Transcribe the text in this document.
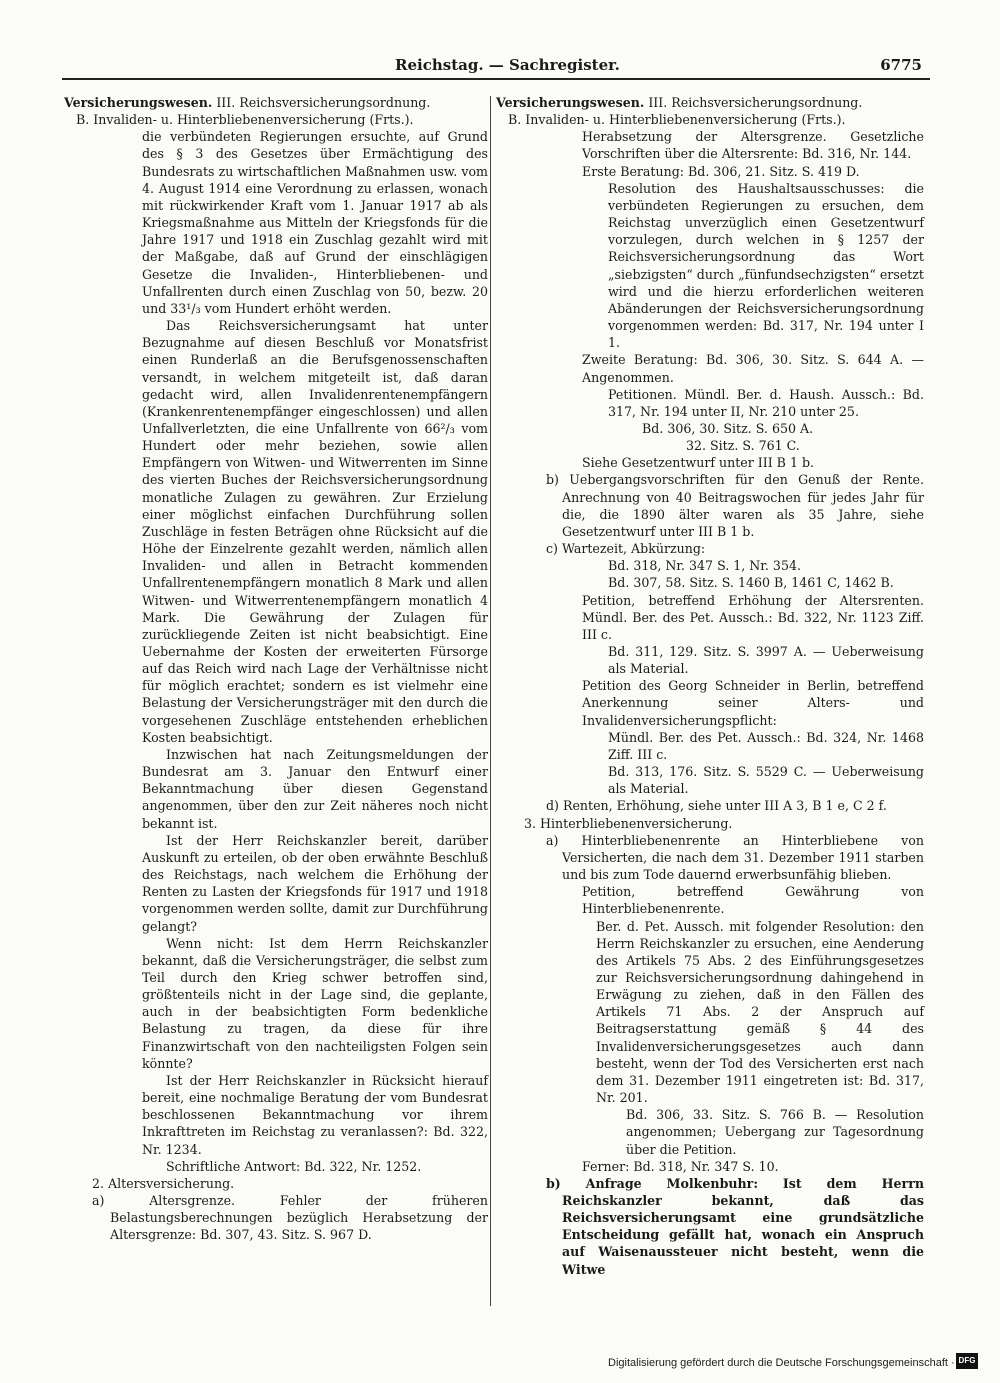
Reichstag. — Sachregister.	6775

Versicherungswesen. III. Reichsversicherungsordnung.

B. Invaliden- u. Hinterbliebenenversicherung (Frts.).

die verbündeten Regierungen ersuchte, auf Grund des § 3 des Gesetzes über Ermächtigung des Bundesrats zu wirtschaftlichen Maßnahmen usw. vom 4. August 1914 eine Verordnung zu erlassen, wonach mit rückwirkender Kraft vom 1. Januar 1917 ab als Kriegsmaßnahme aus Mitteln der Kriegsfonds für die Jahre 1917 und 1918 ein Zuschlag gezahlt wird mit der Maßgabe, daß auf Grund der einschlägigen Gesetze die Invaliden-, Hinterbliebenen- und Unfallrenten durch einen Zuschlag von 50, bezw. 20 und 33¹/₃ vom Hundert erhöht werden.

Das Reichsversicherungsamt hat unter Bezugnahme auf diesen Beschluß vor Monatsfrist einen Runderlaß an die Berufsgenossenschaften versandt, in welchem mitgeteilt ist, daß daran gedacht wird, allen Invalidenrentenempfängern (Krankenrentenempfänger eingeschlossen) und allen Unfallverletzten, die eine Unfallrente von 66²/₃ vom Hundert oder mehr beziehen, sowie allen Empfängern von Witwen- und Witwerrenten im Sinne des vierten Buches der Reichsversicherungsordnung monatliche Zulagen zu gewähren. Zur Erzielung einer möglichst einfachen Durchführung sollen Zuschläge in festen Beträgen ohne Rücksicht auf die Höhe der Einzelrente gezahlt werden, nämlich allen Invaliden- und allen in Betracht kommenden Unfallrentenempfängern monatlich 8 Mark und allen Witwen- und Witwerrentenempfängern monatlich 4 Mark. Die Gewährung der Zulagen für zurückliegende Zeiten ist nicht beabsichtigt. Eine Uebernahme der Kosten der erweiterten Fürsorge auf das Reich wird nach Lage der Verhältnisse nicht für möglich erachtet; sondern es ist vielmehr eine Belastung der Versicherungsträger mit den durch die vorgesehenen Zuschläge entstehenden erheblichen Kosten beabsichtigt.

Inzwischen hat nach Zeitungsmeldungen der Bundesrat am 3. Januar den Entwurf einer Bekanntmachung über diesen Gegenstand angenommen, über den zur Zeit näheres noch nicht bekannt ist.

Ist der Herr Reichskanzler bereit, darüber Auskunft zu erteilen, ob der oben erwähnte Beschluß des Reichstags, nach welchem die Erhöhung der Renten zu Lasten der Kriegsfonds für 1917 und 1918 vorgenommen werden sollte, damit zur Durchführung gelangt?

Wenn nicht: Ist dem Herrn Reichskanzler bekannt, daß die Versicherungsträger, die selbst zum Teil durch den Krieg schwer betroffen sind, größtenteils nicht in der Lage sind, die geplante, auch in der beabsichtigten Form bedenkliche Belastung zu tragen, da diese für ihre Finanzwirtschaft von den nachteiligsten Folgen sein könnte?

Ist der Herr Reichskanzler in Rücksicht hierauf bereit, eine nochmalige Beratung der vom Bundesrat beschlossenen Bekanntmachung vor ihrem Inkrafttreten im Reichstag zu veranlassen?: Bd. 322, Nr. 1234.

Schriftliche Antwort: Bd. 322, Nr. 1252.

2. Altersversicherung.

a) Altersgrenze. Fehler der früheren Belastungsberechnungen bezüglich Herabsetzung der Altersgrenze: Bd. 307, 43. Sitz. S. 967 D.

Versicherungswesen. III. Reichsversicherungsordnung.

B. Invaliden- u. Hinterbliebenenversicherung (Frts.).

Herabsetzung der Altersgrenze. Gesetzliche Vorschriften über die Altersrente: Bd. 316, Nr. 144.

Erste Beratung: Bd. 306, 21. Sitz. S. 419 D.

Resolution des Haushaltsausschusses: die verbündeten Regierungen zu ersuchen, dem Reichstag unverzüglich einen Gesetzentwurf vorzulegen, durch welchen in § 1257 der Reichsversicherungsordnung das Wort „siebzigsten“ durch „fünfundsechzigsten“ ersetzt wird und die hierzu erforderlichen weiteren Abänderungen der Reichsversicherungsordnung vorgenommen werden: Bd. 317, Nr. 194 unter I 1.

Zweite Beratung: Bd. 306, 30. Sitz. S. 644 A. — Angenommen.

Petitionen. Mündl. Ber. d. Haush. Aussch.: Bd. 317, Nr. 194 unter II, Nr. 210 unter 25.

Bd. 306, 30. Sitz. S. 650 A.

32. Sitz. S. 761 C.

Siehe Gesetzentwurf unter III B 1 b.

b) Uebergangsvorschriften für den Genuß der Rente. Anrechnung von 40 Beitragswochen für jedes Jahr für die, die 1890 älter waren als 35 Jahre, siehe Gesetzentwurf unter III B 1 b.

c) Wartezeit, Abkürzung:

Bd. 318, Nr. 347 S. 1, Nr. 354.

Bd. 307, 58. Sitz. S. 1460 B, 1461 C, 1462 B.

Petition, betreffend Erhöhung der Altersrenten. Mündl. Ber. des Pet. Aussch.: Bd. 322, Nr. 1123 Ziff. III c.

Bd. 311, 129. Sitz. S. 3997 A. — Ueberweisung als Material.

Petition des Georg Schneider in Berlin, betreffend Anerkennung seiner Alters- und Invalidenversicherungspflicht:

Mündl. Ber. des Pet. Aussch.: Bd. 324, Nr. 1468 Ziff. III c.

Bd. 313, 176. Sitz. S. 5529 C. — Ueberweisung als Material.

d) Renten, Erhöhung, siehe unter III A 3, B 1 e, C 2 f.

3. Hinterbliebenenversicherung.

a) Hinterbliebenenrente an Hinterbliebene von Versicherten, die nach dem 31. Dezember 1911 starben und bis zum Tode dauernd erwerbsunfähig blieben.

Petition, betreffend Gewährung von Hinterbliebenenrente.

Ber. d. Pet. Aussch. mit folgender Resolution: den Herrn Reichskanzler zu ersuchen, eine Aenderung des Artikels 75 Abs. 2 des Einführungsgesetzes zur Reichsversicherungsordnung dahingehend in Erwägung zu ziehen, daß in den Fällen des Artikels 71 Abs. 2 der Anspruch auf Beitragserstattung gemäß § 44 des Invalidenversicherungsgesetzes auch dann besteht, wenn der Tod des Versicherten erst nach dem 31. Dezember 1911 eingetreten ist: Bd. 317, Nr. 201.

Bd. 306, 33. Sitz. S. 766 B. — Resolution angenommen; Uebergang zur Tagesordnung über die Petition.

Ferner: Bd. 318, Nr. 347 S. 10.

b) Anfrage Molkenbuhr: Ist dem Herrn Reichskanzler bekannt, daß das Reichsversicherungsamt eine grundsätzliche Entscheidung gefällt hat, wonach ein Anspruch auf Waisenaussteuer nicht besteht, wenn die Witwe

Digitalisierung gefördert durch die Deutsche Forschungsgemeinschaft · DFG
